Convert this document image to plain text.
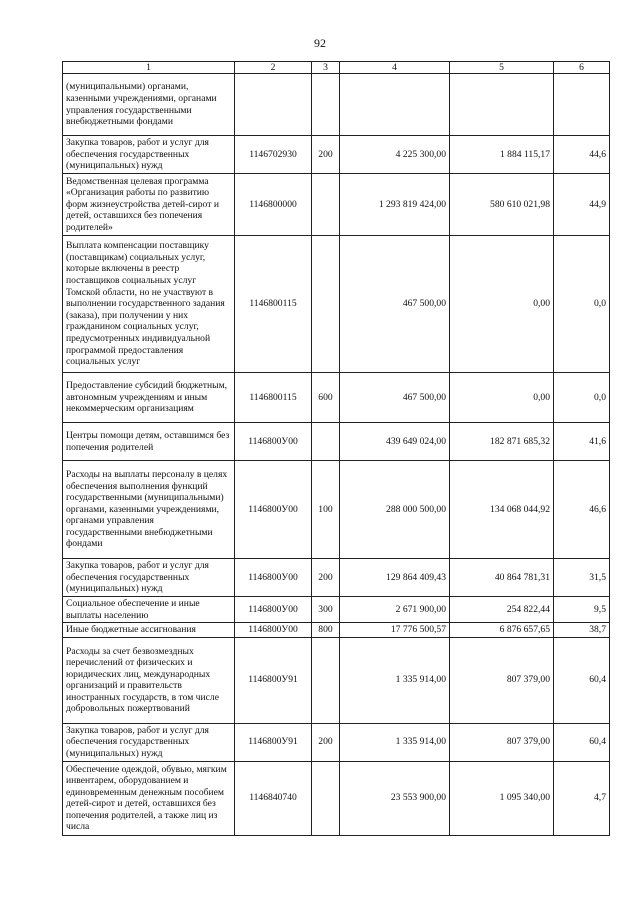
92
1	2	3	4	5	6
(муниципальными) органами, казенными учреждениями, органами управления государственными внебюджетными фондами					
Закупка товаров, работ и услуг для обеспечения государственных (муниципальных) нужд	1146702930	200	4 225 300,00	1 884 115,17	44,6
Ведомственная целевая программа «Организация работы по развитию форм жизнеустройства детей-сирот и детей, оставшихся без попечения родителей»	1146800000		1 293 819 424,00	580 610 021,98	44,9
Выплата компенсации поставщику (поставщикам) социальных услуг, которые включены в реестр поставщиков социальных услуг Томской области, но не участвуют в выполнении государственного задания (заказа), при получении у них гражданином социальных услуг, предусмотренных индивидуальной программой предоставления социальных услуг	1146800115		467 500,00	0,00	0,0
Предоставление субсидий бюджетным, автономным учреждениям и иным некоммерческим организациям	1146800115	600	467 500,00	0,00	0,0
Центры помощи детям, оставшимся без попечения родителей	1146800У00		439 649 024,00	182 871 685,32	41,6
Расходы на выплаты персоналу в целях обеспечения выполнения функций государственными (муниципальными) органами, казенными учреждениями, органами управления государственными внебюджетными фондами	1146800У00	100	288 000 500,00	134 068 044,92	46,6
Закупка товаров, работ и услуг для обеспечения государственных (муниципальных) нужд	1146800У00	200	129 864 409,43	40 864 781,31	31,5
Социальное обеспечение и иные выплаты населению	1146800У00	300	2 671 900,00	254 822,44	9,5
Иные бюджетные ассигнования	1146800У00	800	17 776 500,57	6 876 657,65	38,7
Расходы за счет безвозмездных перечислений от физических и юридических лиц, международных организаций и правительств иностранных государств, в том числе добровольных пожертвований	1146800У91		1 335 914,00	807 379,00	60,4
Закупка товаров, работ и услуг для обеспечения государственных (муниципальных) нужд	1146800У91	200	1 335 914,00	807 379,00	60,4
Обеспечение одеждой, обувью, мягким инвентарем, оборудованием и единовременным денежным пособием детей-сирот и детей, оставшихся без попечения родителей, а также лиц из числа	1146840740		23 553 900,00	1 095 340,00	4,7
